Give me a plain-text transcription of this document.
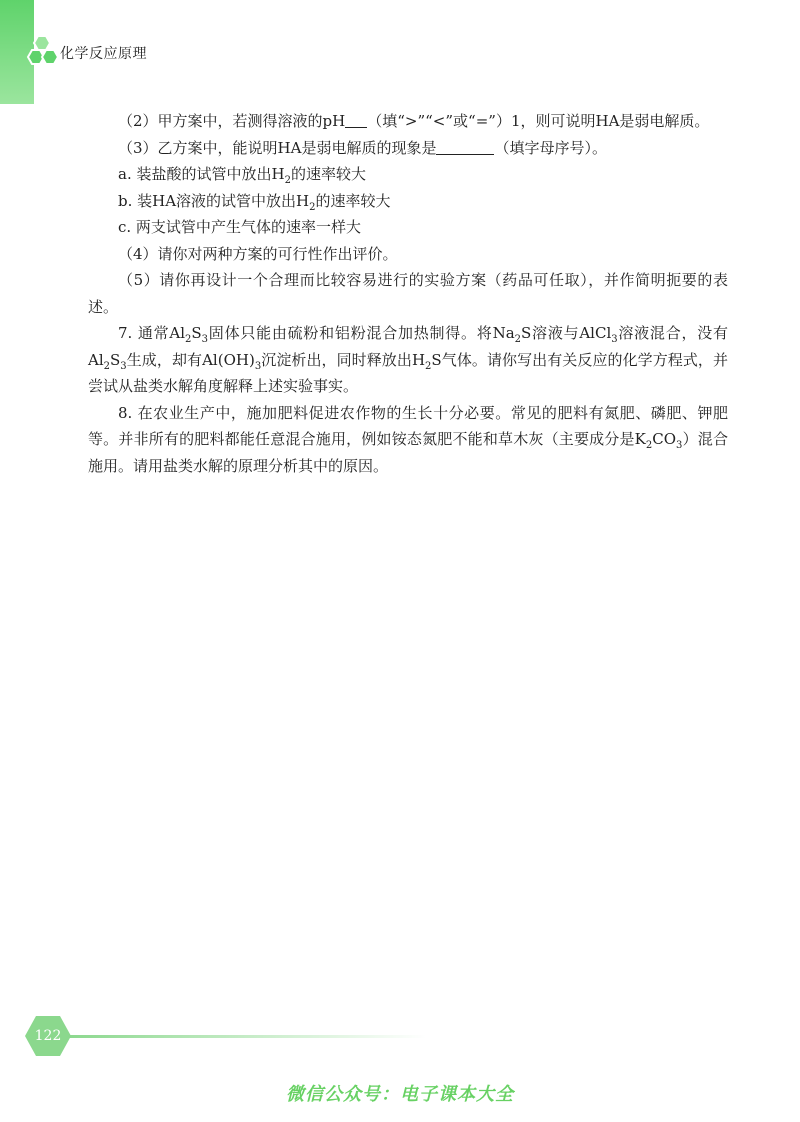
化学反应原理

（2）甲方案中，若测得溶液的pH （填“>”“<”或“=”）1，则可说明HA是弱电解质。

（3）乙方案中，能说明HA是弱电解质的现象是	（填字母序号）。

a. 装盐酸的试管中放出$H_2$的速率较大

b. 装HA溶液的试管中放出$H_2$的速率较大

c. 两支试管中产生气体的速率一样大

（4）请你对两种方案的可行性作出评价。

（5）请你再设计一个合理而比较容易进行的实验方案（药品可任取），并作简明扼要的表述。

7. 通常$Al_2S_3$固体只能由硫粉和铝粉混合加热制得。将$Na_2S$溶液与AlCl$_3$溶液混合，没有$Al_2S_3$生成，却有$Al(OH)_3$沉淀析出，同时释放出$H_2S$气体。请你写出有关反应的化学方程式，并尝试从盐类水解角度解释上述实验事实。

8. 在农业生产中，施加肥料促进农作物的生长十分必要。常见的肥料有氮肥、磷肥、钾肥等。并非所有的肥料都能任意混合施用，例如铵态氮肥不能和草木灰（主要成分是$K_2CO_3$）混合施用。请用盐类水解的原理分析其中的原因。

122
微信公众号：电子课本大全
